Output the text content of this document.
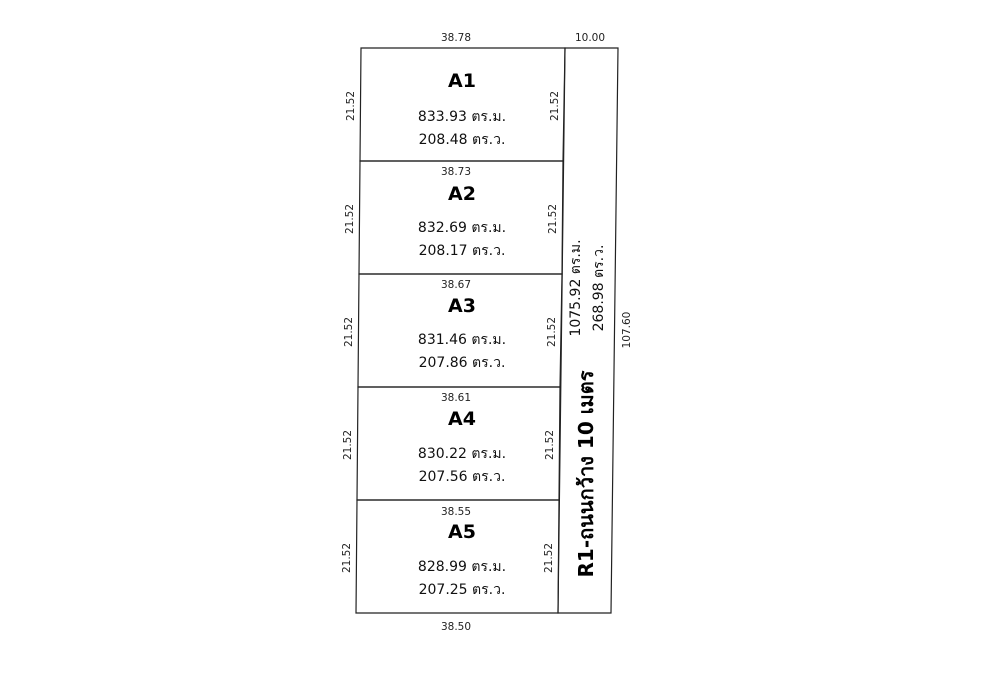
38.78	10.00
38.50
107.60
A1
833.93 ตร.ม.
208.48 ตร.ว.
21.52	21.52
38.73
A2
832.69 ตร.ม.
208.17 ตร.ว.
21.52	21.52
38.67
A3
831.46 ตร.ม.
207.86 ตร.ว.
21.52	21.52
38.61
A4
830.22 ตร.ม.
207.56 ตร.ว.
21.52	21.52
38.55
A5
828.99 ตร.ม.
207.25 ตร.ว.
21.52	21.52
1075.92 ตร.ม. 268.98 ตร.ว.
R1-ถนนกว้าง 10 เมตร
